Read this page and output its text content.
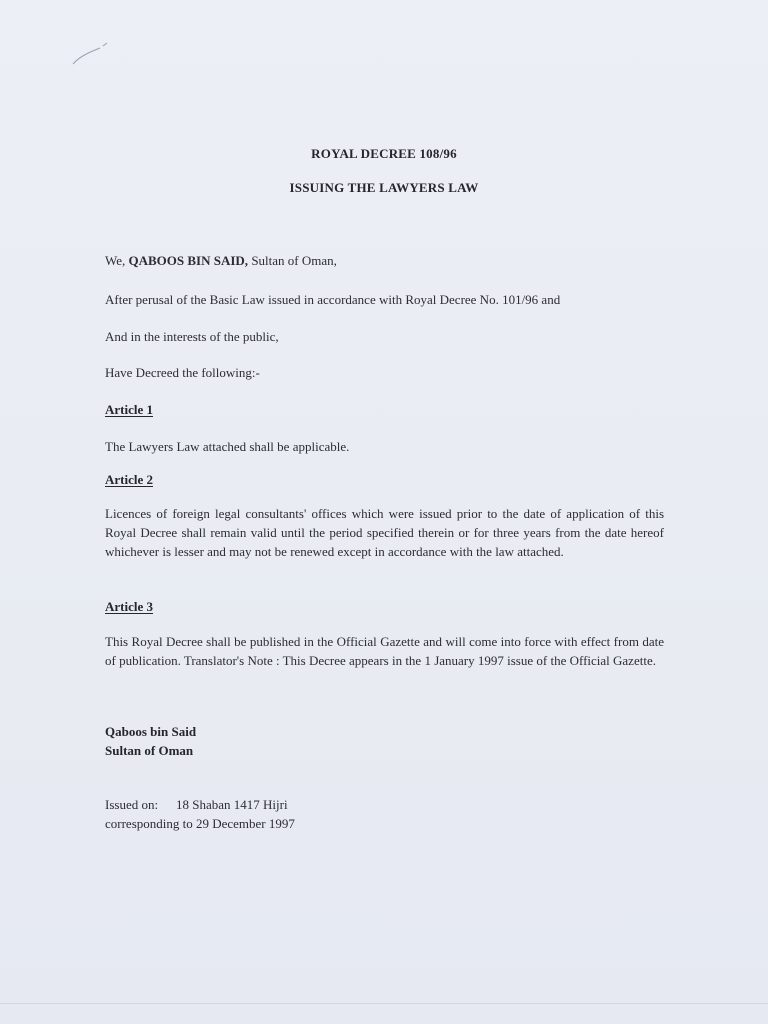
ROYAL DECREE 108/96
ISSUING THE LAWYERS LAW
We, QABOOS BIN SAID, Sultan of Oman,
After perusal of the Basic Law issued in accordance with Royal Decree No. 101/96 and
And in the interests of the public,
Have Decreed the following:-
Article 1
The Lawyers Law attached shall be applicable.
Article 2
Licences of foreign legal consultants' offices which were issued prior to the date of application of this Royal Decree shall remain valid until the period specified therein or for three years from the date hereof whichever is lesser and may not be renewed except in accordance with the law attached.
Article 3
This Royal Decree shall be published in the Official Gazette and will come into force with effect from date of publication. Translator's Note : This Decree appears in the 1 January 1997 issue of the Official Gazette.
Qaboos bin Said
Sultan of Oman
Issued on: 18 Shaban 1417 Hijri
corresponding to 29 December 1997
